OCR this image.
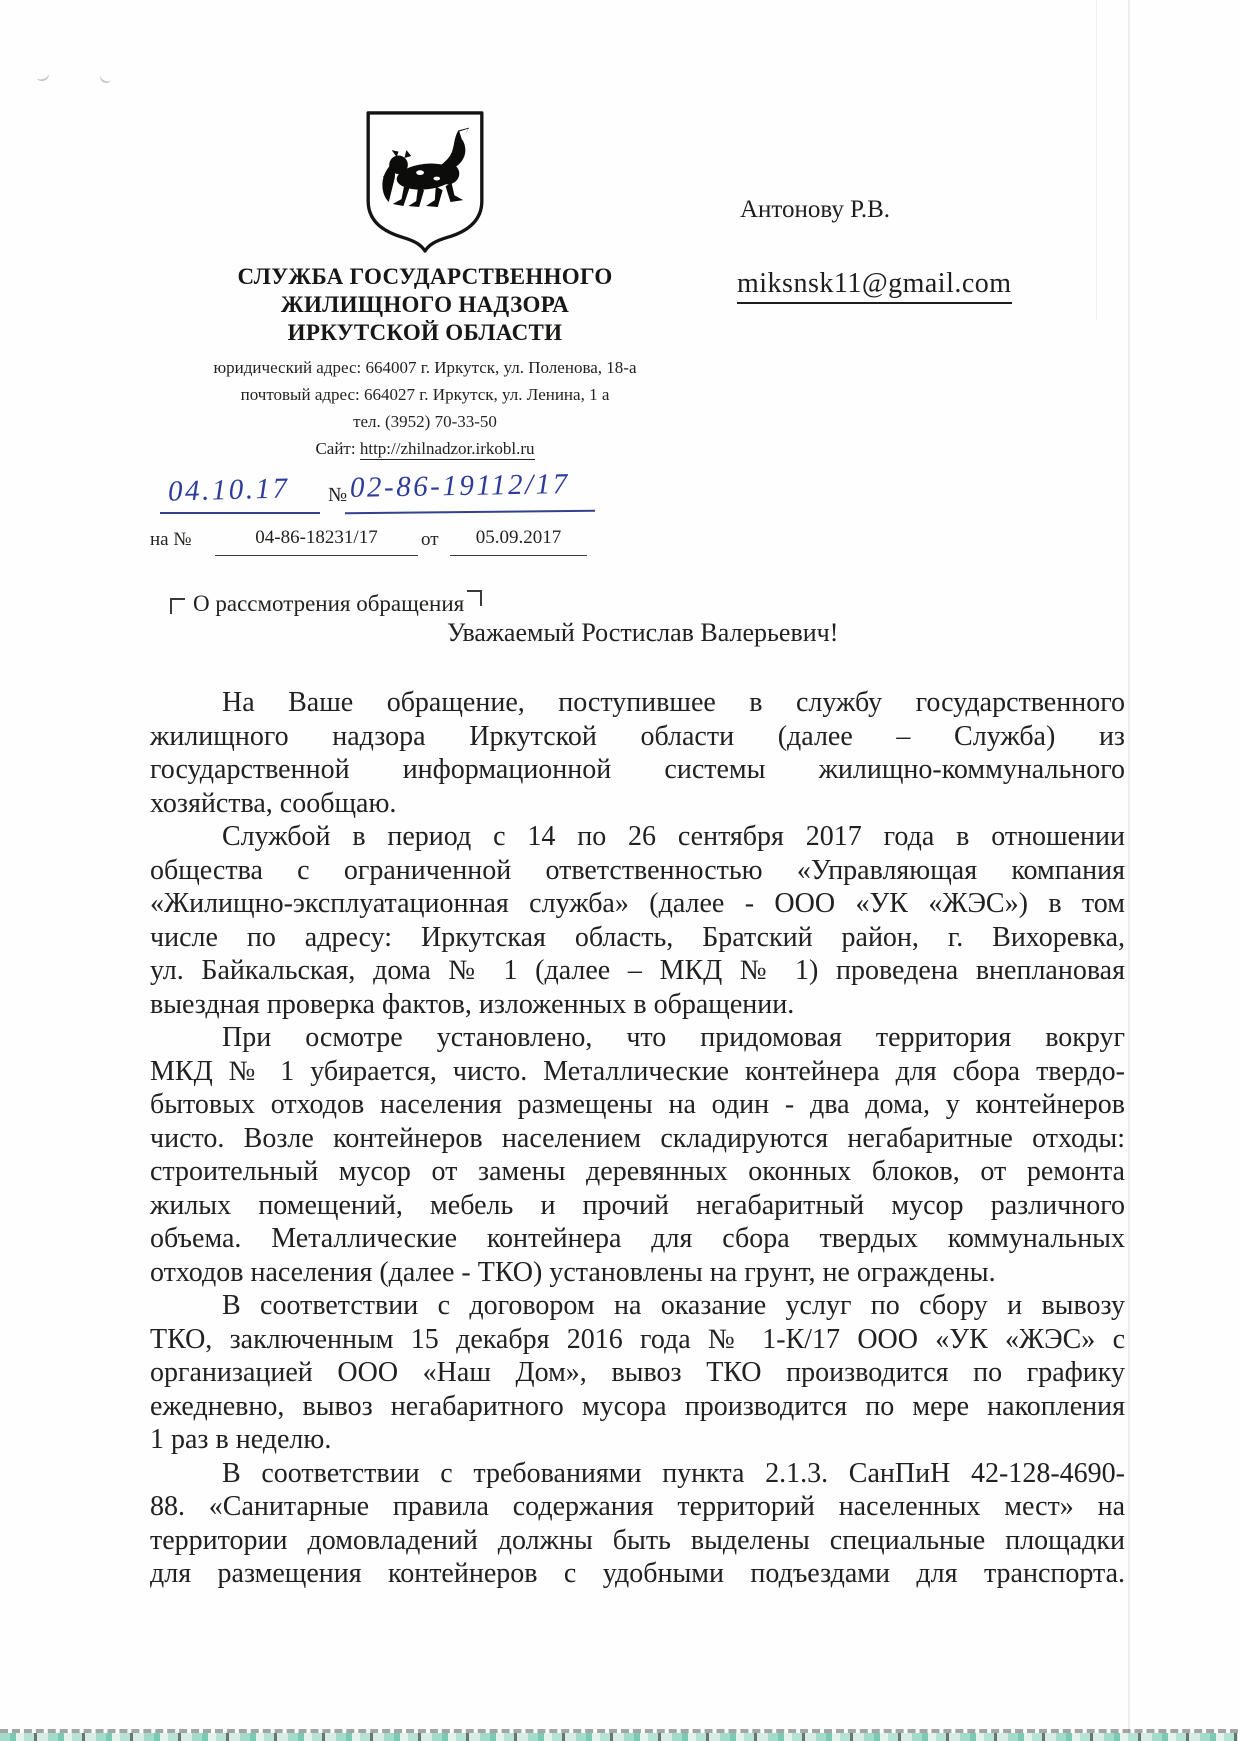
СЛУЖБА ГОСУДАРСТВЕННОГО
ЖИЛИЩНОГО НАДЗОРА
ИРКУТСКОЙ ОБЛАСТИ
юридический адрес: 664007 г. Иркутск, ул. Поленова, 18-а
почтовый адрес: 664027 г. Иркутск, ул. Ленина, 1 а
тел. (3952) 70-33-50
Сайт: http://zhilnadzor.irkobl.ru
Антонову Р.В.
miksnsk11@gmail.com
04.10.17 № 02-86-19112/17
на №	04-86-18231/17	от	05.09.2017
О рассмотрения обращения
Уважаемый Ростислав Валерьевич!
На Ваше обращение, поступившее в службу государственного
жилищного надзора Иркутской области (далее – Служба) из
государственной информационной системы жилищно-коммунального
хозяйства, сообщаю.
Службой в период с 14 по 26 сентября 2017 года в отношении
общества с ограниченной ответственностью «Управляющая компания
«Жилищно-эксплуатационная служба» (далее - ООО «УК «ЖЭС») в том
числе по адресу: Иркутская область, Братский район, г. Вихоревка,
ул. Байкальская, дома № 1 (далее – МКД № 1) проведена внеплановая
выездная проверка фактов, изложенных в обращении.
При осмотре установлено, что придомовая территория вокруг
МКД № 1 убирается, чисто. Металлические контейнера для сбора твердо-
бытовых отходов населения размещены на один - два дома, у контейнеров
чисто. Возле контейнеров населением складируются негабаритные отходы:
строительный мусор от замены деревянных оконных блоков, от ремонта
жилых помещений, мебель и прочий негабаритный мусор различного
объема. Металлические контейнера для сбора твердых коммунальных
отходов населения (далее - ТКО) установлены на грунт, не ограждены.
В соответствии с договором на оказание услуг по сбору и вывозу
ТКО, заключенным 15 декабря 2016 года № 1-К/17 ООО «УК «ЖЭС» с
организацией ООО «Наш Дом», вывоз ТКО производится по графику
ежедневно, вывоз негабаритного мусора производится по мере накопления
1 раз в неделю.
В соответствии с требованиями пункта 2.1.3. СанПиН 42-128-4690-
88. «Санитарные правила содержания территорий населенных мест» на
территории домовладений должны быть выделены специальные площадки
для размещения контейнеров с удобными подъездами для транспорта.
